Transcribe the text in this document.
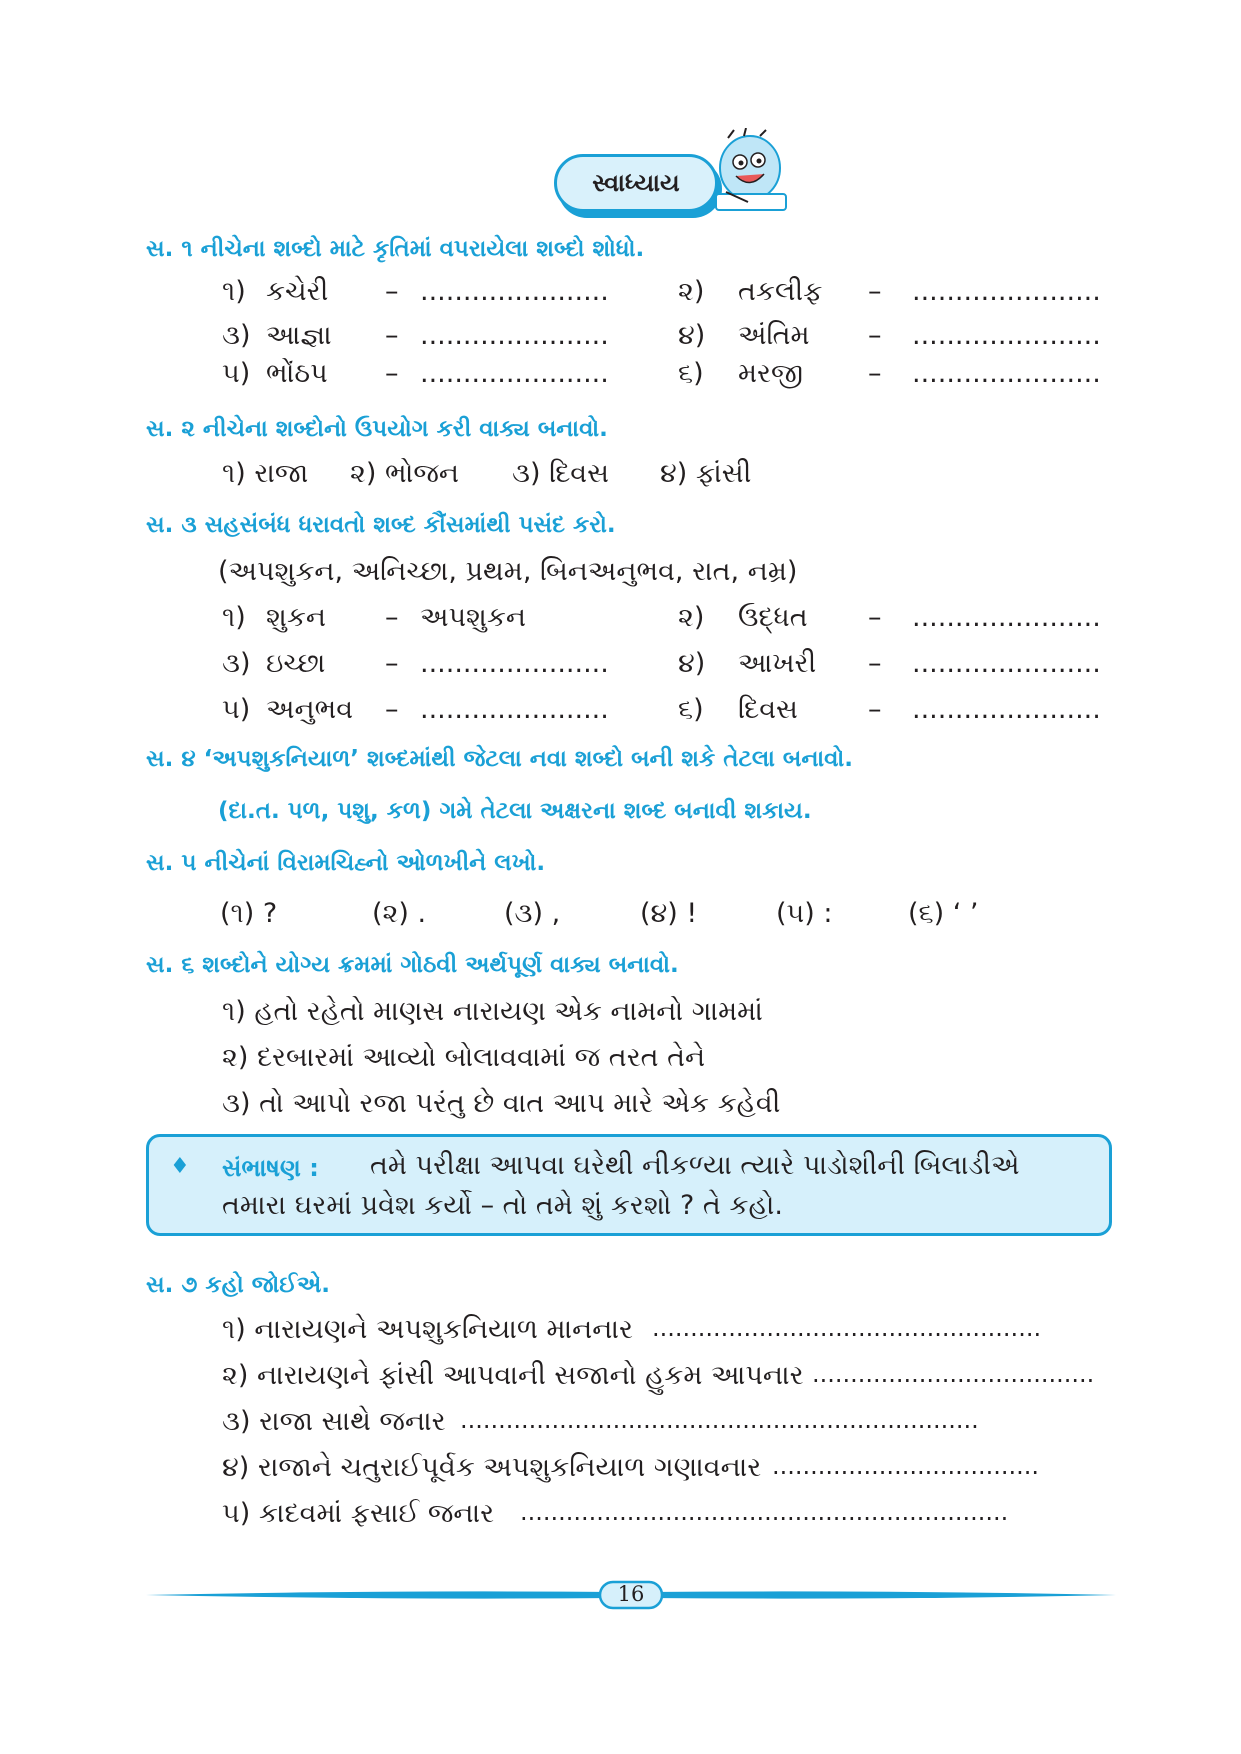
સ્વાધ્યાય
સ. ૧ નીચેના શબ્દો માટે કૃતિમાં વપરાયેલા શબ્દો શોધો.
૧) કચેરી – ......................	૨) તકલીફ – ......................
૩) આજ્ઞા – ......................	૪) અંતિમ – ......................
૫) ભોંઠપ – ......................	૬) મરજી – ......................
સ. ૨ નીચેના શબ્દોનો ઉપયોગ કરી વાક્ય બનાવો.
૧) રાજા ૨) ભોજન ૩) દિવસ ૪) ફાંસી
સ. ૩ સહસંબંધ ધરાવતો શબ્દ કૌંસમાંથી પસંદ કરો.
(અપશુકન, અનિચ્છા, પ્રથમ, બિનઅનુભવ, રાત, નમ્ર)
૧) શુકન – અપશુકન	૨) ઉદ્ધત – ......................
૩) ઇચ્છા – ......................	૪) આખરી – ......................
૫) અનુભવ – ......................	૬) દિવસ	– ......................
સ. ૪ ‘અપશુકનિયાળ’ શબ્દમાંથી જેટલા નવા શબ્દો બની શકે તેટલા બનાવો.
(દા.ત. પળ, પશુ, કળ) ગમે તેટલા અક્ષરના શબ્દ બનાવી શકાય.
સ. ૫ નીચેનાં વિરામચિહ્નો ઓળખીને લખો.
(૧) ?	(૨) .	(૩) ,	(૪) !	(૫) :	(૬) ‘ ’
સ. ૬ શબ્દોને યોગ્ય ક્રમમાં ગોઠવી અર્થપૂર્ણ વાક્ય બનાવો.
૧) હતો રહેતો માણસ નારાયણ એક નામનો ગામમાં
૨) દરબારમાં આવ્યો બોલાવવામાં જ તરત તેને
૩) તો આપો રજા પરંતુ છે વાત આપ મારે એક કહેવી
♦ સંભાષણ : તમે પરીક્ષા આપવા ઘરેથી નીકળ્યા ત્યારે પાડોશીની બિલાડીએ
તમારા ઘરમાં પ્રવેશ કર્યો – તો તમે શું કરશો ? તે કહો.
સ. ૭ કહો જોઈએ.
૧) નારાયણને અપશુકનિયાળ માનનાર ...................................................
૨) નારાયણને ફાંસી આપવાની સજાનો હુકમ આપનાર .....................................
૩) રાજા સાથે જનાર ....................................................................
૪) રાજાને ચતુરાઈપૂર્વક અપશુકનિયાળ ગણાવનાર ...................................
૫) કાદવમાં ફસાઈ જનાર ................................................................
16
